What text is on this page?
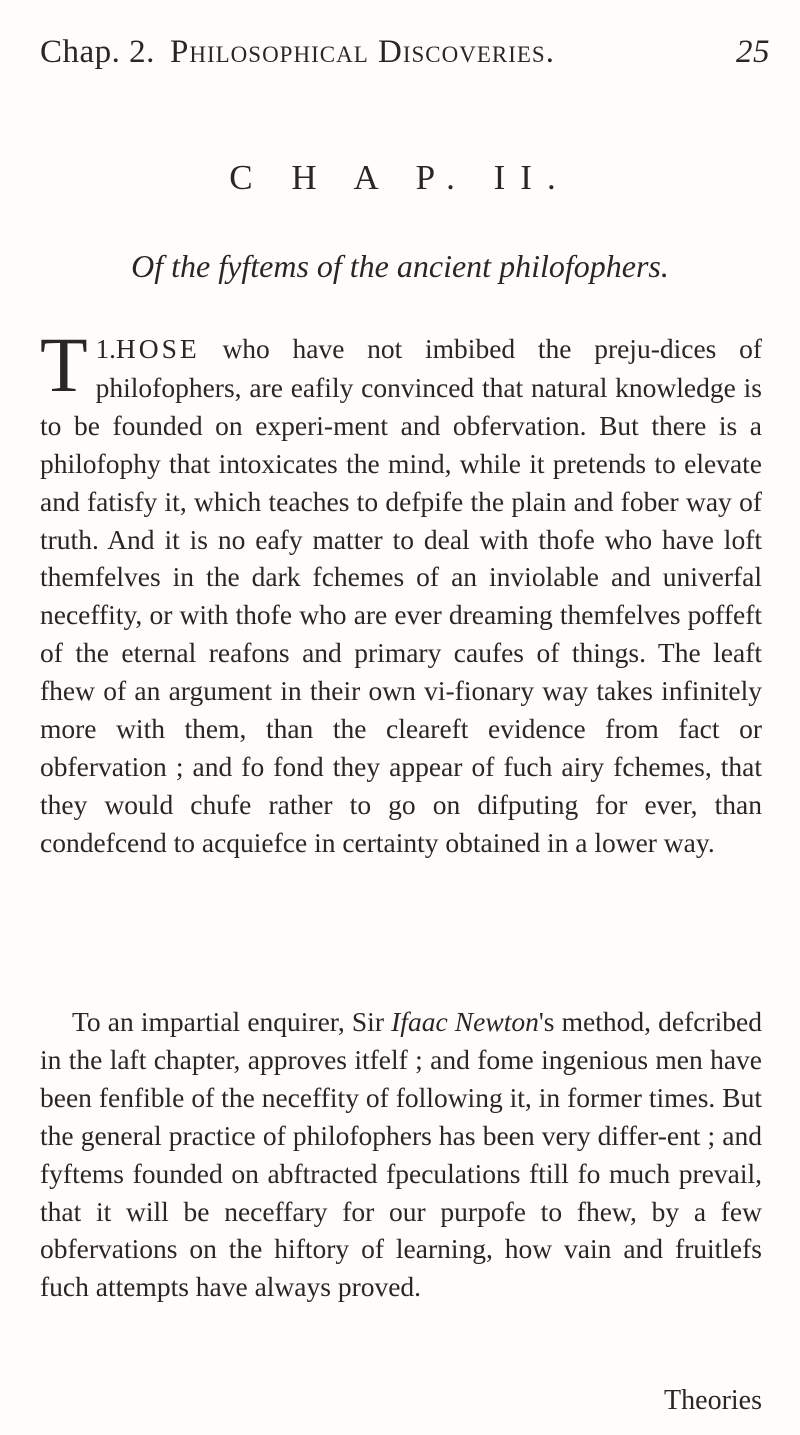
Chap. 2. Philosophical Discoveries.	25
C H A P. II.
Of the fyftems of the ancient philofophers.
1.
T HOSE who have not imbibed the preju-dices of philofophers, are eafily convinced that natural knowledge is to be founded on experi-ment and obfervation. But there is a philofophy that intoxicates the mind, while it pretends to elevate and fatisfy it, which teaches to defpife the plain and fober way of truth. And it is no eafy matter to deal with thofe who have loft themfelves in the dark fchemes of an inviolable and univerfal neceffity, or with thofe who are ever dreaming themfelves poffeft of the eternal reafons and primary caufes of things. The leaft fhew of an argument in their own vi-fionary way takes infinitely more with them, than the cleareft evidence from fact or obfervation ; and fo fond they appear of fuch airy fchemes, that they would chufe rather to go on difputing for ever, than condefcend to acquiefce in certainty obtained in a lower way.
To an impartial enquirer, Sir Ifaac Newton's method, defcribed in the laft chapter, approves itfelf ; and fome ingenious men have been fenfible of the neceffity of following it, in former times. But the general practice of philofophers has been very differ-ent ; and fyftems founded on abftracted fpeculations ftill fo much prevail, that it will be neceffary for our purpofe to fhew, by a few obfervations on the hiftory of learning, how vain and fruitlefs fuch attempts have always proved.
Theories
